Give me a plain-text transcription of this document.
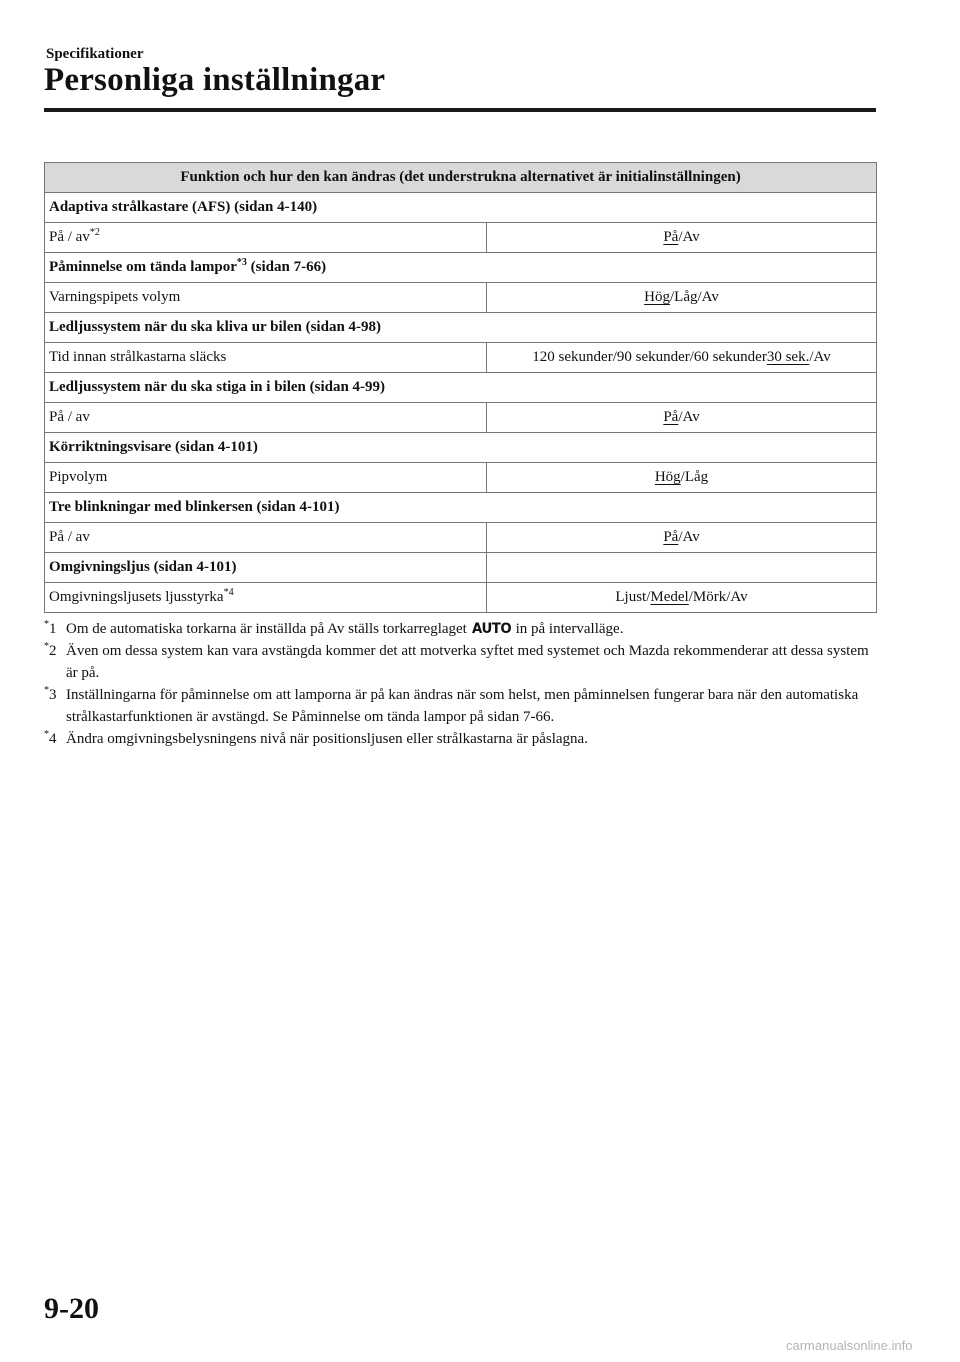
Specifikationer
Personliga inställningar
Funktion och hur den kan ändras (det understrukna alternativet är initialinställningen)	
Adaptiva strålkastare (AFS) (sidan 4-140)	
På / $av^{*2}$	På/Av
Påminnelse om tända lampor$^{*3}$ (sidan 7-66)	
Varningspipets volym	Hög/Låg/Av
Ledljussystem när du ska kliva ur bilen (sidan 4-98)	
Tid innan strålkastarna släcks	120 sekunder/90 sekunder/60 sekunder30 sek./Av
Ledljussystem när du ska stiga in i bilen (sidan 4-99)	
På / av	På/Av
Körriktningsvisare (sidan 4-101)	
Pipvolym	Hög/Låg
Tre blinkningar med blinkersen (sidan 4-101)	
På / av	På/Av
Omgivningsljus (sidan 4-101)	
Omgivningsljusets ljusstyrka$^{*4}$	Ljust/Medel/Mörk/Av
*1 Om de automatiska torkarna är inställda på Av ställs torkarreglaget AUTO in på intervalläge.
*2 Även om dessa system kan vara avstängda kommer det att motverka syftet med systemet och Mazda rekommenderar att dessa system är på.
*3 Inställningarna för påminnelse om att lamporna är på kan ändras när som helst, men påminnelsen fungerar bara när den automatiska strålkastarfunktionen är avstängd. Se Påminnelse om tända lampor på sidan 7-66.
*4 Ändra omgivningsbelysningens nivå när positionsljusen eller strålkastarna är påslagna.
9-20
carmanualsonline.info
